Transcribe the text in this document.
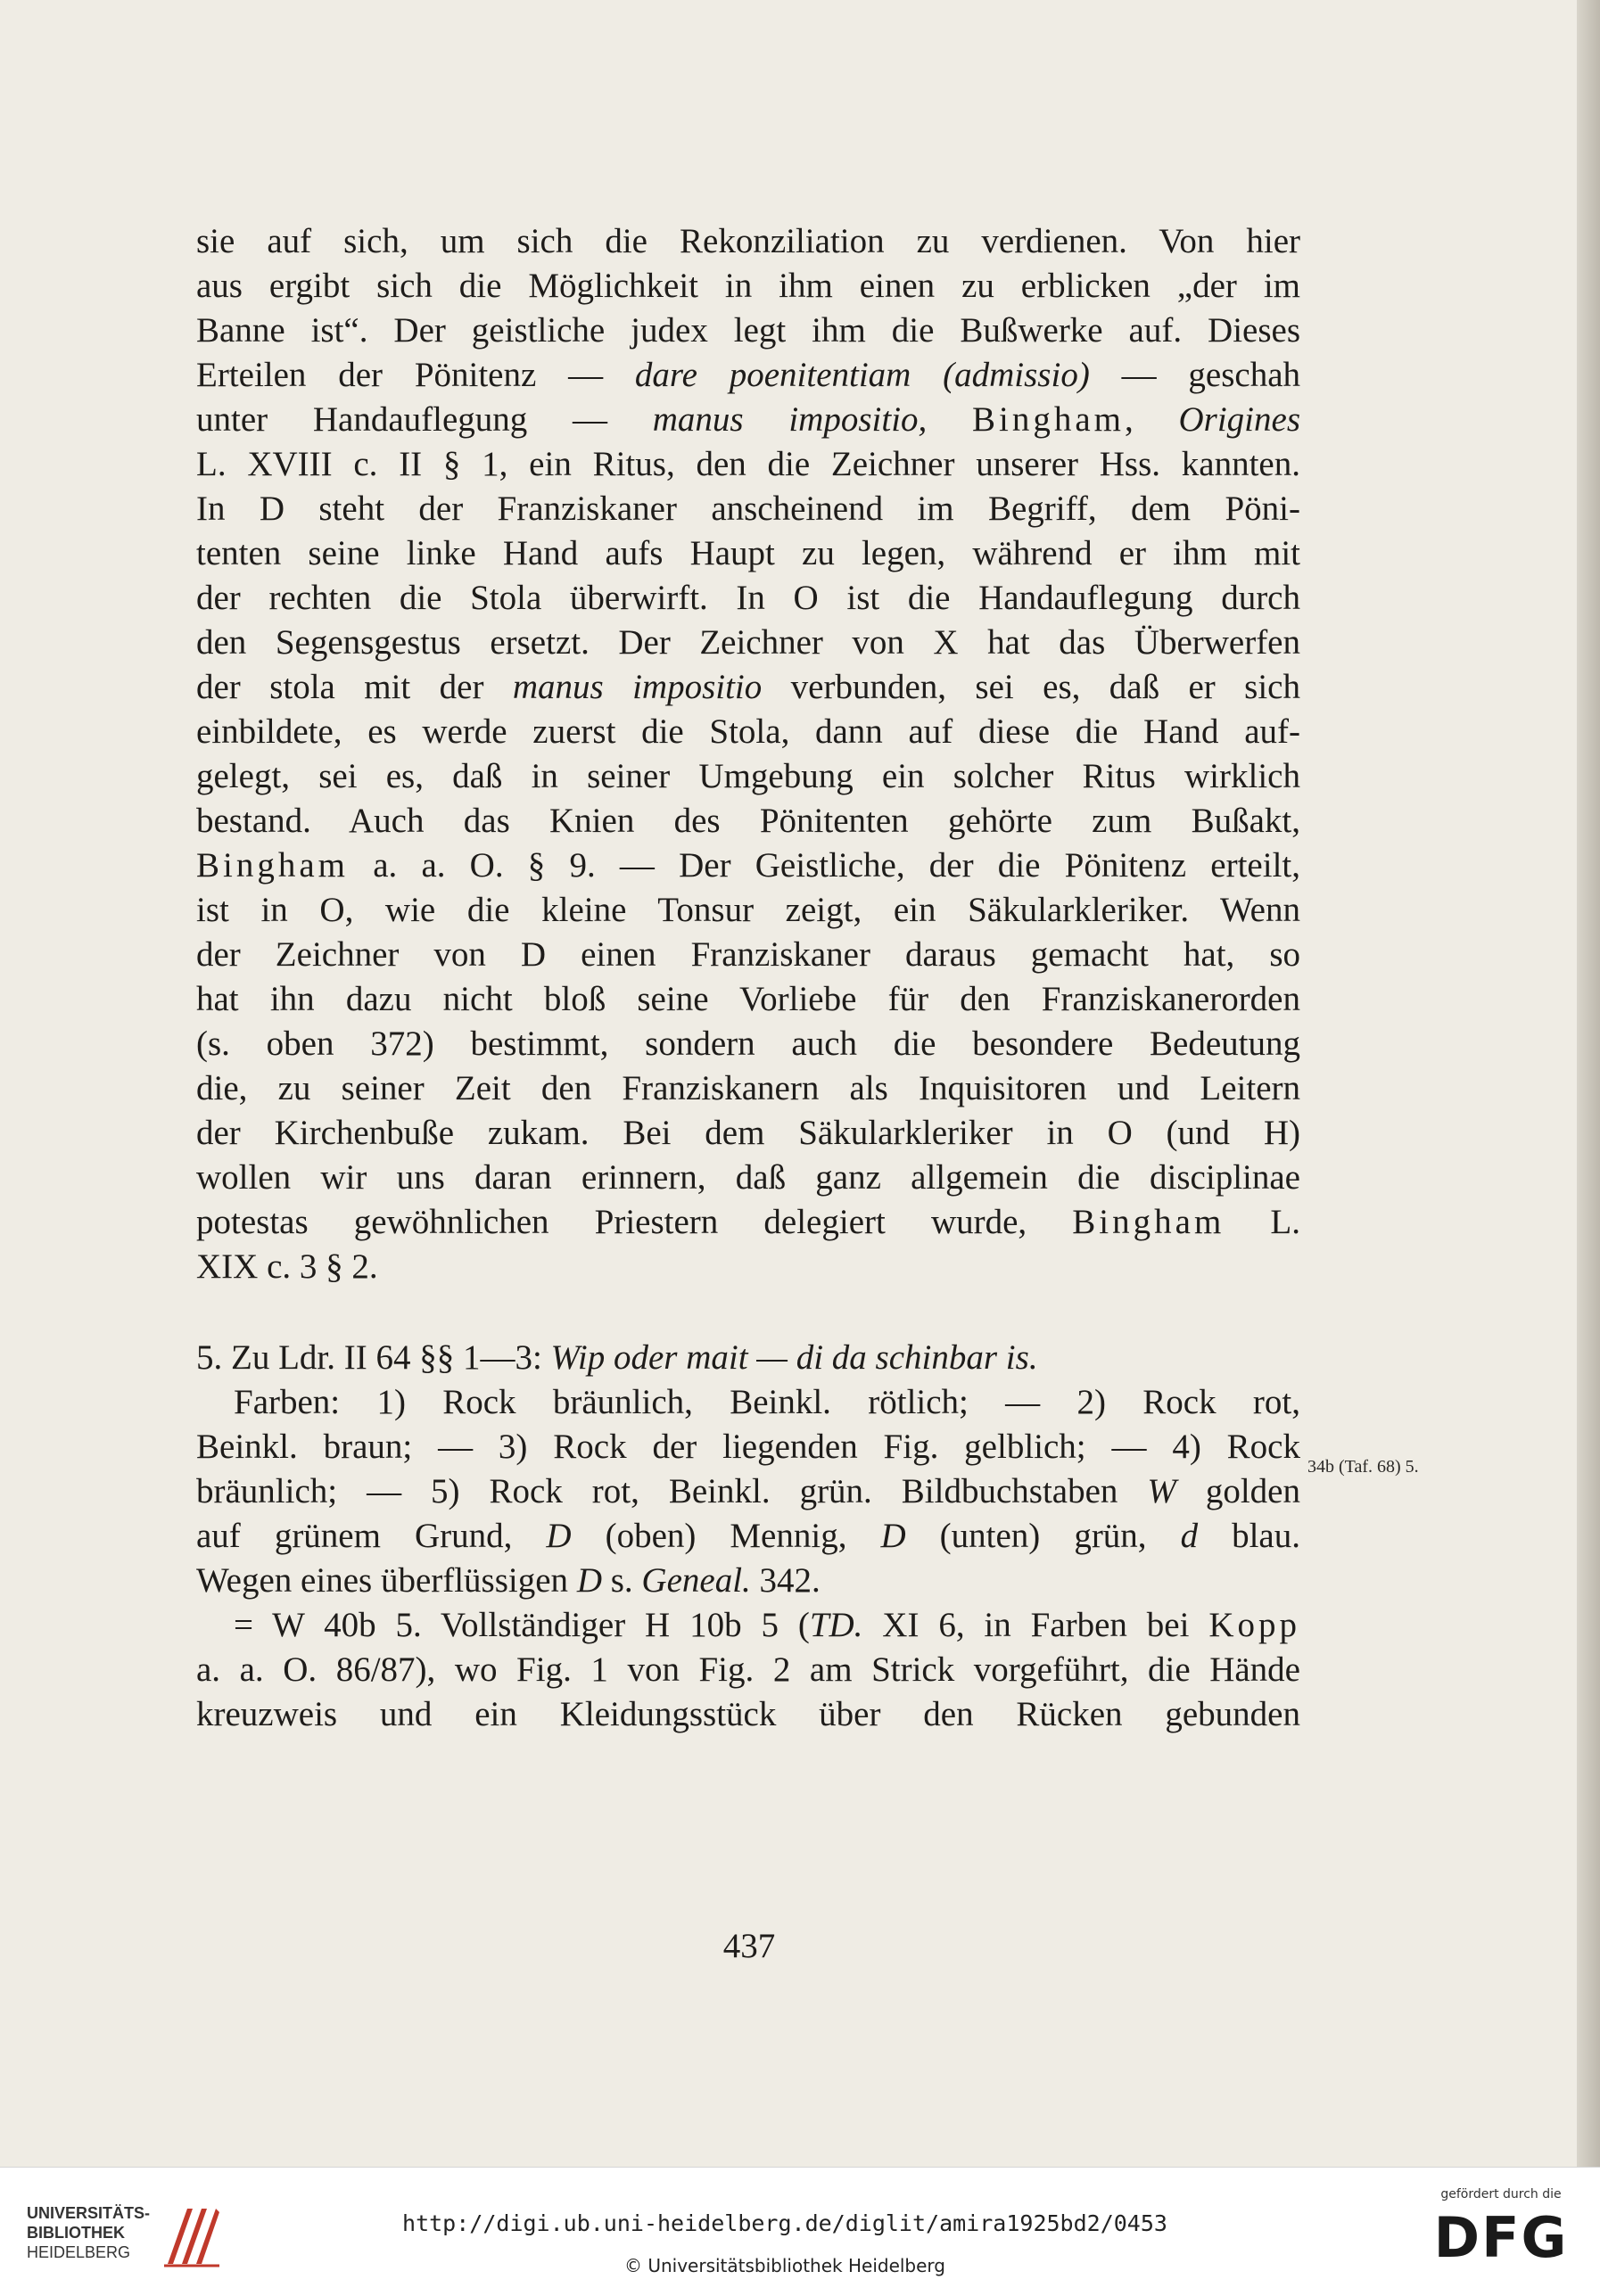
sie auf sich, um sich die Rekonziliation zu verdienen. Von hier
aus ergibt sich die Möglichkeit in ihm einen zu erblicken „der im
Banne ist“. Der geistliche judex legt ihm die Bußwerke auf. Dieses
Erteilen der Pönitenz — dare poenitentiam (admissio) — geschah
unter Handauflegung — manus impositio, Bingham, Origines
L. XVIII c. II § 1, ein Ritus, den die Zeichner unserer Hss. kannten.
In D steht der Franziskaner anscheinend im Begriff, dem Pöni-
tenten seine linke Hand aufs Haupt zu legen, während er ihm mit
der rechten die Stola überwirft. In O ist die Handauflegung durch
den Segensgestus ersetzt. Der Zeichner von X hat das Überwerfen
der stola mit der manus impositio verbunden, sei es, daß er sich
einbildete, es werde zuerst die Stola, dann auf diese die Hand auf-
gelegt, sei es, daß in seiner Umgebung ein solcher Ritus wirklich
bestand. Auch das Knien des Pönitenten gehörte zum Bußakt,
Bingham a. a. O. § 9. — Der Geistliche, der die Pönitenz erteilt,
ist in O, wie die kleine Tonsur zeigt, ein Säkularkleriker. Wenn
der Zeichner von D einen Franziskaner daraus gemacht hat, so
hat ihn dazu nicht bloß seine Vorliebe für den Franziskanerorden
(s. oben 372) bestimmt, sondern auch die besondere Bedeutung
die, zu seiner Zeit den Franziskanern als Inquisitoren und Leitern
der Kirchenbuße zukam. Bei dem Säkularkleriker in O (und H)
wollen wir uns daran erinnern, daß ganz allgemein die disciplinae
potestas gewöhnlichen Priestern delegiert wurde, Bingham L.
XIX c. 3 § 2.
5. Zu Ldr. II 64 §§ 1—3: Wip oder mait — di da schinbar is.
Farben: 1) Rock bräunlich, Beinkl. rötlich; — 2) Rock rot,
Beinkl. braun; — 3) Rock der liegenden Fig. gelblich; — 4) Rock
bräunlich; — 5) Rock rot, Beinkl. grün. Bildbuchstaben W golden
auf grünem Grund, D (oben) Mennig, D (unten) grün, d blau.
Wegen eines überflüssigen D s. Geneal. 342.
= W 40b 5. Vollständiger H 10b 5 (TD. XI 6, in Farben bei Kopp
a. a. O. 86/87), wo Fig. 1 von Fig. 2 am Strick vorgeführt, die Hände
kreuzweis und ein Kleidungsstück über den Rücken gebunden
34b (Taf. 68) 5.
437
UNIVERSITÄTS-
BIBLIOTHEK
HEIDELBERG
http://digi.ub.uni-heidelberg.de/diglit/amira1925bd2/0453
© Universitätsbibliothek Heidelberg
gefördert durch die
DFG
